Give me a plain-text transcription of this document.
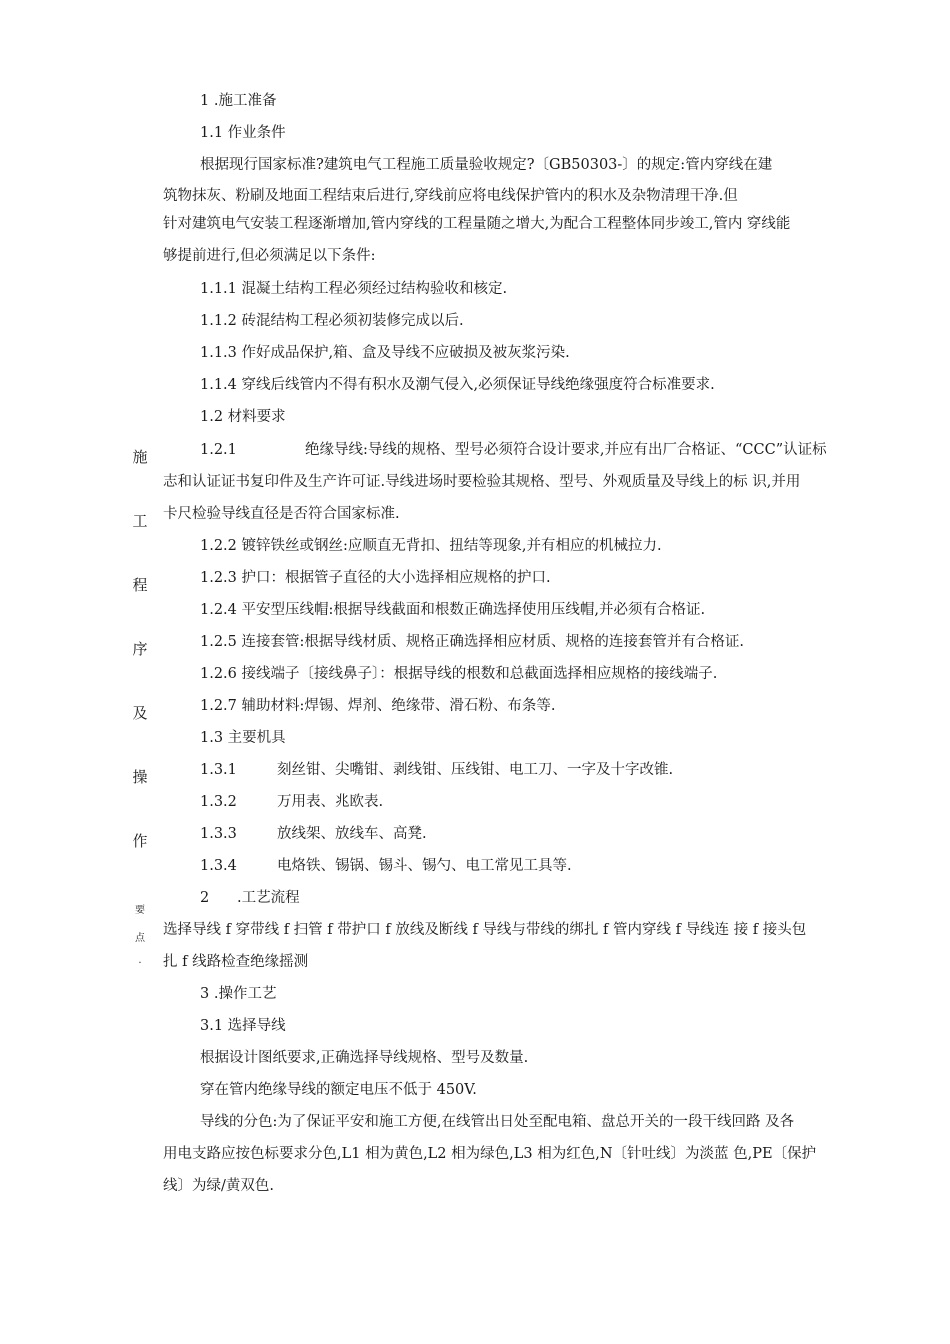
施
工
程
序
及
操
作
要
点
.
1 .施工准备
1.1 作业条件
根据现行国家标准?建筑电气工程施工质量验收规定?〔GB50303-〕的规定:管内穿线在建
筑物抹灰、粉刷及地面工程结束后进行,穿线前应将电线保护管内的积水及杂物清理干净.但
针对建筑电气安装工程逐渐增加,管内穿线的工程量随之增大,为配合工程整体同步竣工,管内 穿线能
够提前进行,但必须满足以下条件:
1.1.1 混凝土结构工程必须经过结构验收和核定.
1.1.2 砖混结构工程必须初装修完成以后.
1.1.3 作好成品保护,箱、盒及导线不应破损及被灰浆污染.
1.1.4 穿线后线管内不得有积水及潮气侵入,必须保证导线绝缘强度符合标准要求.
1.2 材料要求
1.2.1	绝缘导线:导线的规格、型号必须符合设计要求,并应有出厂合格证、“CCC”认证标
志和认证证书复印件及生产许可证.导线进场时要检验其规格、型号、外观质量及导线上的标 识,并用
卡尺检验导线直径是否符合国家标准.
1.2.2 镀锌铁丝或钢丝:应顺直无背扣、扭结等现象,并有相应的机械拉力.
1.2.3 护口：根据管子直径的大小选择相应规格的护口.
1.2.4 平安型压线帽:根据导线截面和根数正确选择使用压线帽,并必须有合格证.
1.2.5 连接套管:根据导线材质、规格正确选择相应材质、规格的连接套管并有合格证.
1.2.6 接线端子〔接线鼻子〕：根据导线的根数和总截面选择相应规格的接线端子.
1.2.7 辅助材料:焊锡、焊剂、绝缘带、滑石粉、布条等.
1.3 主要机具
1.3.1	刻丝钳、尖嘴钳、剥线钳、压线钳、电工刀、一字及十字改锥.
1.3.2	万用表、兆欧表.
1.3.3	放线架、放线车、高凳.
1.3.4	电烙铁、锡锅、锡斗、锡勺、电工常见工具等.
2 .工艺流程
选择导线 f 穿带线 f 扫管 f 带护口 f 放线及断线 f 导线与带线的绑扎 f 管内穿线 f 导线连 接 f 接头包
扎 f 线路检查绝缘摇测
3 .操作工艺
3.1 选择导线
根据设计图纸要求,正确选择导线规格、型号及数量.
穿在管内绝缘导线的额定电压不低于 450V.
导线的分色:为了保证平安和施工方便,在线管出日处至配电箱、盘总开关的一段干线回路 及各
用电支路应按色标要求分色,L1 相为黄色,L2 相为绿色,L3 相为红色,N〔针吐线〕为淡蓝 色,PE〔保护
线〕为绿/黄双色.
